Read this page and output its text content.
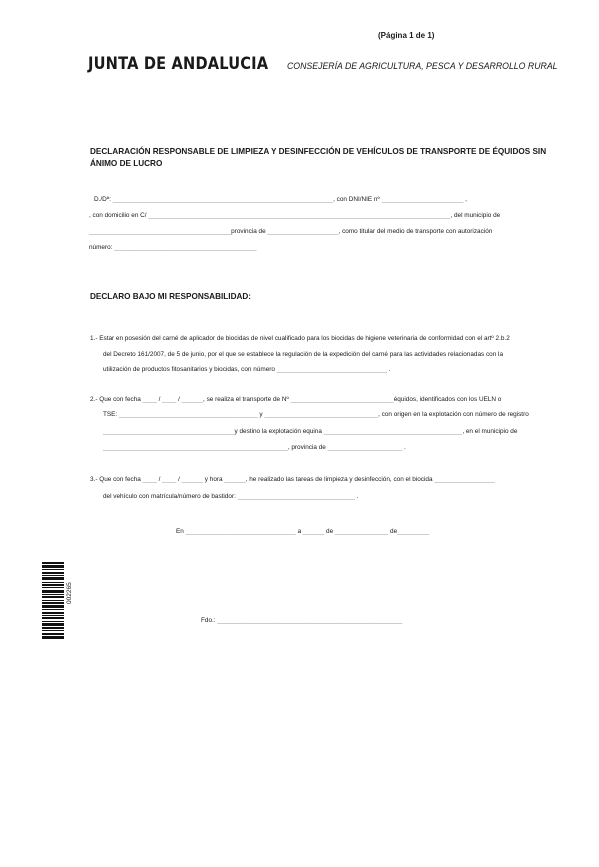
(Página 1 de 1)
JUNTA DE ANDALUCIA CONSEJERÍA DE AGRICULTURA, PESCA Y DESARROLLO RURAL
DECLARACIÓN RESPONSABLE DE LIMPIEZA Y DESINFECCIÓN DE VEHÍCULOS DE TRANSPORTE DE ÉQUIDOS SIN ÁNIMO DE LUCRO
D./Dª: ______________________________________________________________, con DNI/NIE nº _______________________ ,
, con domicilio en C/ _____________________________________________________________________________________, del municipio de
________________________________________provincia de ____________________, como titular del medio de transporte con autorización
número: ________________________________________
DECLARO BAJO MI RESPONSABILIDAD:
1.- Estar en posesión del carné de aplicador de biocidas de nivel cualificado para los biocidas de higiene veterinaria de conformidad con el artº 2.b.2
del Decreto 161/2007, de 5 de junio, por el que se establece la regulación de la expedición del carné para las actividades relacionadas con la
utilización de productos fitosanitarios y biocidas, con número _______________________________ .
2.- Que con fecha ____ / ____ / ______, se realiza el transporte de Nº _____________________________équidos, identificados con los UELN o
TSE: _______________________________________ y ________________________________, con origen en la explotación con número de registro
_____________________________________y destino la explotación equina _______________________________________, en el municipio de
____________________________________________________, provincia de _____________________ .
3.- Que con fecha ____ / ____ / ______ y hora ______, he realizado las tareas de limpieza y desinfección, con el biocida _________________
del vehículo con matrícula/número de bastidor: _________________________________ .
En _______________________________ a ______ de _______________ de_________
Fdo.: ____________________________________________________
002265
